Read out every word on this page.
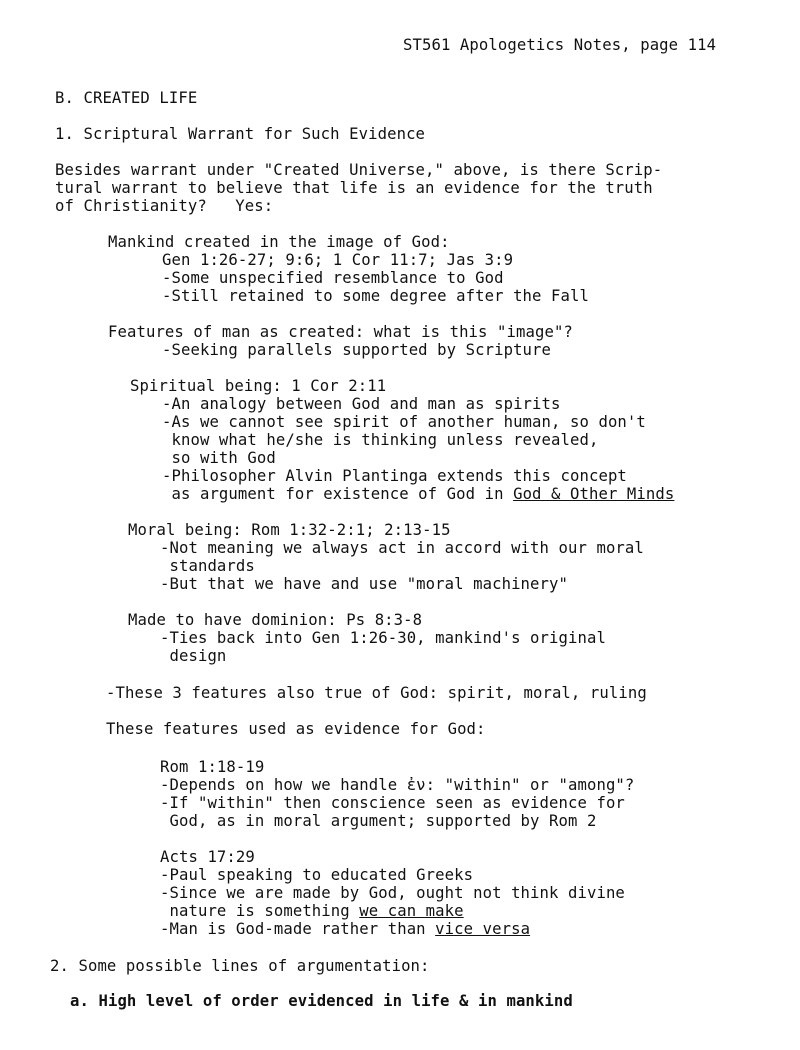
ST561 Apologetics Notes, page 114
B. CREATED LIFE
1. Scriptural Warrant for Such Evidence
Besides warrant under "Created Universe," above, is there Scrip-
tural warrant to believe that life is an evidence for the truth
of Christianity?   Yes:
Mankind created in the image of God:
Gen 1:26-27; 9:6; 1 Cor 11:7; Jas 3:9
-Some unspecified resemblance to God
-Still retained to some degree after the Fall
Features of man as created: what is this "image"?
-Seeking parallels supported by Scripture
Spiritual being: 1 Cor 2:11
-An analogy between God and man as spirits
-As we cannot see spirit of another human, so don't
know what he/she is thinking unless revealed,
so with God
-Philosopher Alvin Plantinga extends this concept
as argument for existence of God in God & Other Minds
Moral being: Rom 1:32-2:1; 2:13-15
-Not meaning we always act in accord with our moral
standards
-But that we have and use "moral machinery"
Made to have dominion: Ps 8:3-8
-Ties back into Gen 1:26-30, mankind's original
design
-These 3 features also true of God: spirit, moral, ruling
These features used as evidence for God:
Rom 1:18-19
-Depends on how we handle ἐν: "within" or "among"?
-If "within" then conscience seen as evidence for
God, as in moral argument; supported by Rom 2
Acts 17:29
-Paul speaking to educated Greeks
-Since we are made by God, ought not think divine
nature is something we can make
-Man is God-made rather than vice versa
2. Some possible lines of argumentation:
a. High level of order evidenced in life & in mankind
